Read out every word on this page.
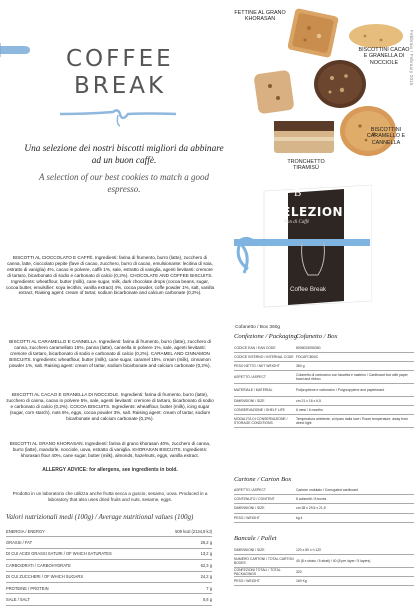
Febbraio / February 2015
COFFEE
BREAK
Una selezione dei nostri biscotti migliori da abbinare ad un buon caffè.
A selection of our best cookies to match a good espresso.
BISCOTTI AL CIOCCOLATO E CAFFÈ. Ingredienti: farina di frumento, burro (latte), zucchero di canna, latte, cioccolato pepite (fave di cacao, zucchero, burro di cacao, emulsionante: lecitina di soia, estratto di vaniglia) 4%, cacao in polvere, caffè 1%, sale, estratto di vaniglia, agenti lievitanti: cremore di tartaro, bicarbonato di sodio e carbonato di calcio (0,2%). CHOCOLATE AND COFFEE BISCUITS. Ingredients: wheatflour, butter (milk), cane sugar, milk, dark chocolate drops (cocoa beans, sugar, cocoa butter, emulsifier: soya lecithin, vanilla extract) 4%, cocoa powder, coffe powder 1%, salt, vanilla extract, Raising agent: cream of tartar, sodium bicarbonate and calcium carbonate (0,2%).
BISCOTTI AL CARAMELLO E CANNELLA. Ingredienti: farina di frumento, burro (latte), zucchero di canna, zucchero caramellato 15%, panna (latte), cannella in polvere 1%, sale, agenti lievitanti: cremore di tartaro, bicarbonato di sodio e carbonato di calcio (0,2%). CARAMEL AND CINNAMON BISCUITS. Ingredients: wheatflour, butter (milk), cane sugar, caramel 15%, cream (milk), cinnamon powder 1%, salt. Raising agent: cream of tartar, sodium bicarbonate and calcium carbonate (0,2%).
BISCOTTI AL CACAO E GRANELLA DI NOCCIOLE. Ingredienti: farina di frumento, burro (latte), zucchero di canna, cacao in polvere 5%, sale, agenti lievitanti: cremore di tartaro, bicarbonato di sodio e carbonato di calcio (0,2%). COCOA BISCUITS. Ingredients: wheatflour, butter (milk), icing sugar (sugar, corn starch), nuts 6%, eggs, cocoa powder 3%, salt. Raising agent: cream of tartar, sodium bicarbonate and calcium carbonate (0,2%).
BISCOTTI AL GRANO KHORASAN. Ingredienti: farina di grano khorasan 40%, zucchero di canna, burro (latte), mandorle, nocciole, uova, estratto di vaniglia. KHORASAN BISCUITS. Ingredients: khorasan flour 40%, cane sugar, butter (milk), almonds, hazelnuts, eggs, vanilla extract.
ALLERGY ADVICE: for allergens, see ingredients in bold.
Prodotto in un laboratorio che utilizza anche frutta secca a guscio, sesamo, uova. Produced in a laboratory that also uses dried fruits and nuts, sesame, eggs.
Valori nutrizionali medi (100g) / Average nutritional values (100g)
ENERGIA / ENERGY	509 kcal (2134,8 kJ)
GRASSI / FAT	26,2 g
DI CUI ACIDI GRASSI SATURI / OF WHICH SATURATES	13,2 g
CARBOIDRATI / CARBOHYDRATE	62,3 g
DI CUI ZUCCHERI / OF WHICH SUGARS	24,2 g
PROTEINE / PROTEIN	7 g
SALE / SALT	0,6 g
FETTINE AL GRANO KHORASAN
BISCOTTINI CACAO E GRANELLA DI NOCCIOLE
BISCOTTINI CARAMELLO E CANNELLA
TRONCHETTO TIRAMISÙ
B
SELEZIONE
Pan di Caffè
Coffee Break
Cofanetto / Box 360g
Confezione / Packaging Cofanetto / Box
CODICE EAN / EAN CODE	8005025055350
CODICE INTERNO / INTERNAL CODE	FDCAFCB00C
PESO NETTO / NET WEIGHT	360 g
ASPETTO / ASPECT	Cofanetto di cartoncino con fascetta e nastrino / Cardboard box with paper band and ribbon
MATERIALE / MATERIAL	Polipropilene e cartoncino / Polypropylene and paperboard
DIMENSIONI / SIZE	cm 21 x 16 x 6,5
CONSERVAZIONE / SHELF LIFE	6 mesi / 6 months
MODALITÀ DI CONSERVAZIONE / STORAGE CONDITIONS	Temperatura ambiente, al riparo dalla luce / Room temperature, away from direct light
Cartone / Carton Box
ASPETTO / ASPECT	Cartone ondulato / Corrugated cardboard
CONTENUTO / CONTENT	8 cofanetti / 8 boxes
DIMENSIONI / SIZE	cm 38 x 29,5 x 21,5
PESO / WEIGHT	kg 4
Bancale / Pallet
DIMENSIONI / SIZE	120 x 80 x h 120
NUMERO CARTONI / TOTAL CARTON BOXES	40 (8 x strato / 5 strati) / 40 (8 per layer / 5 layers)
CONFEZIONI TOTALI / TOTAL PACKAGINGS	320
PESO / WEIGHT	160 Kg
